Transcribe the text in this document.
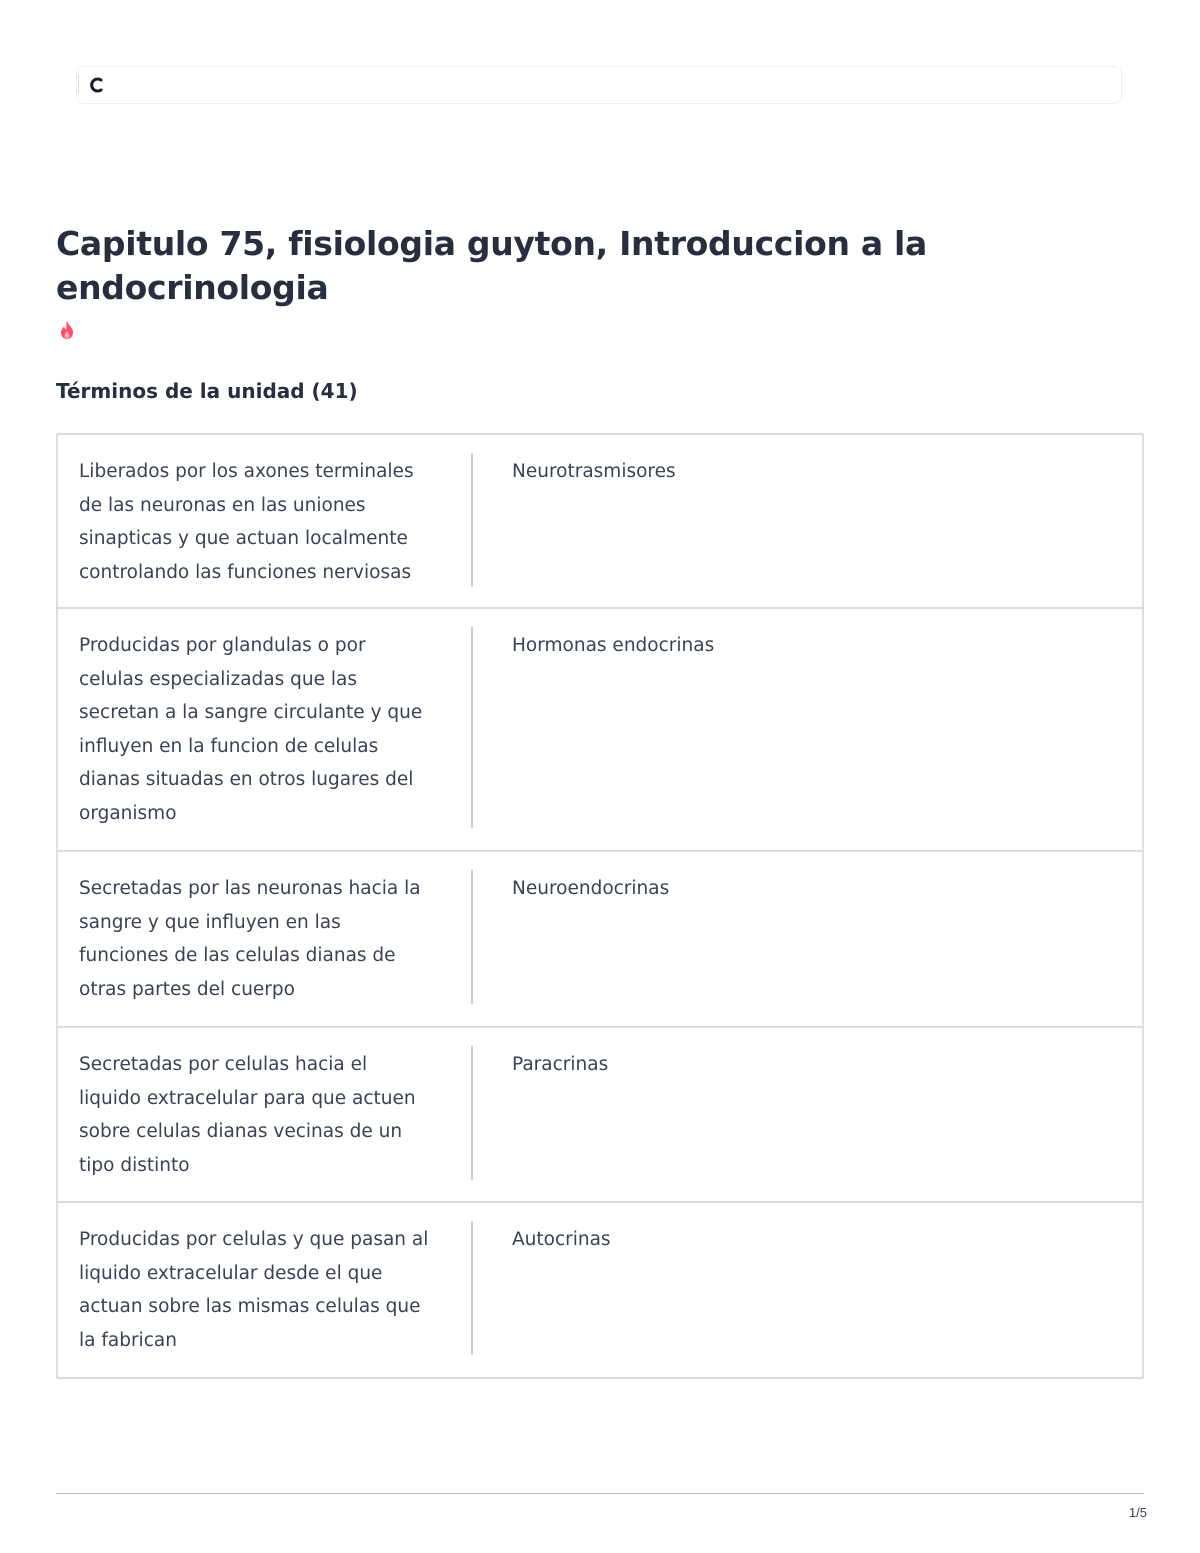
Capitulo 75, fisiologia guyton, Introduccion a la endocrinologia
Términos de la unidad (41)
Liberados por los axones terminales de las neuronas en las uniones sinapticas y que actuan localmente controlando las funciones nerviosas
Neurotrasmisores
Producidas por glandulas o por celulas especializadas que las secretan a la sangre circulante y que influyen en la funcion de celulas dianas situadas en otros lugares del organismo
Hormonas endocrinas
Secretadas por las neuronas hacia la sangre y que influyen en las funciones de las celulas dianas de otras partes del cuerpo
Neuroendocrinas
Secretadas por celulas hacia el liquido extracelular para que actuen sobre celulas dianas vecinas de un tipo distinto
Paracrinas
Producidas por celulas y que pasan al liquido extracelular desde el que actuan sobre las mismas celulas que la fabrican
Autocrinas
1/5
